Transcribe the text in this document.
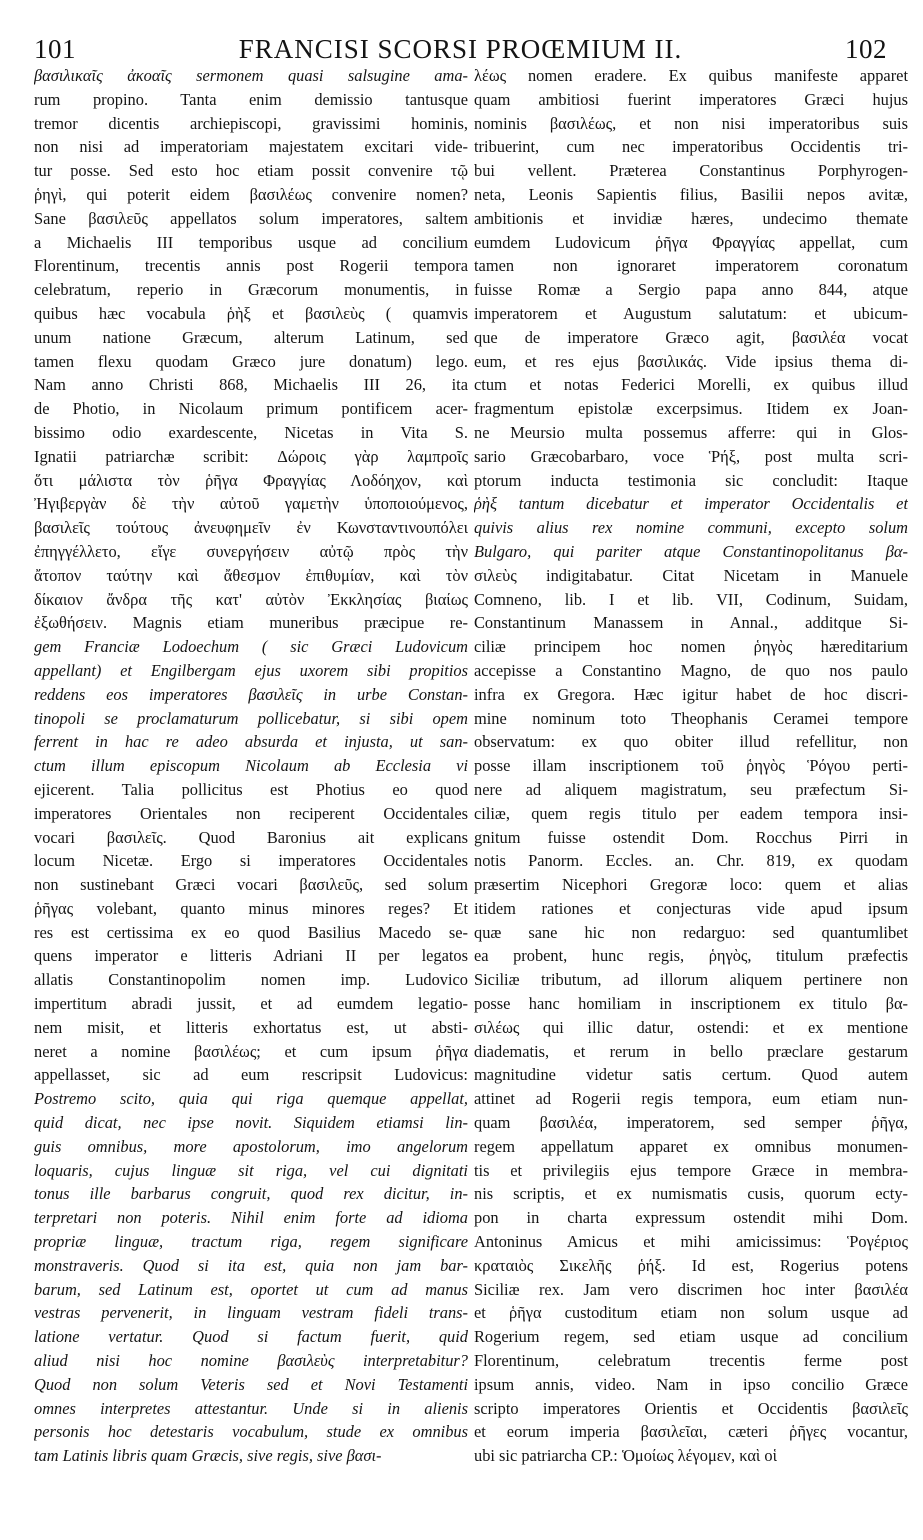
101	FRANCISI SCORSI PROŒMIUM II.	102
βασιλικαῖς ἀκοαῖς sermonem quasi salsugine ama-
rum propino. Tanta enim demissio tantusque
tremor dicentis archiepiscopi, gravissimi hominis,
non nisi ad imperatoriam majestatem excitari vide-
tur posse. Sed esto hoc etiam possit convenire τῷ
ῥηγὶ, qui poterit eidem βασιλέως convenire nomen?
Sane βασιλεῦς appellatos solum imperatores, saltem
a Michaelis III temporibus usque ad concilium
Florentinum, trecentis annis post Rogerii tempora
celebratum, reperio in Græcorum monumentis, in
quibus hæc vocabula ῥὴξ et βασιλεὺς ( quamvis
unum natione Græcum, alterum Latinum, sed
tamen flexu quodam Græco jure donatum) lego.
Nam anno Christi 868, Michaelis III 26, ita
de Photio, in Nicolaum primum pontificem acer-
bissimo odio exardescente, Nicetas in Vita S.
Ignatii patriarchæ scribit: Δώροις γὰρ λαμπροῖς
ὅτι μάλιστα τὸν ῥῆγα Φραγγίας Λοδόηχον, καὶ
Ἠγιβεργὰν δὲ τὴν αὐτοῦ γαμετὴν ὑποποιούμενος,
βασιλεῖς τούτους ἀνευφημεῖν ἐν Κωνσταντινουπόλει
ἐπηγγέλλετο, εἴγε συνεργήσειν αὐτῷ πρὸς τὴν
ἄτοπον ταύτην καὶ ἄθεσμον ἐπιθυμίαν, καὶ τὸν
δίκαιον ἄνδρα τῆς κατ' αὐτὸν Ἐκκλησίας βιαίως
ἐξωθήσειν. Magnis etiam muneribus præcipue re-
gem Franciæ Lodoechum ( sic Græci Ludovicum
appellant) et Engilbergam ejus uxorem sibi propitios
reddens eos imperatores βασιλεῖς in urbe Constan-
tinopoli se proclamaturum pollicebatur, si sibi opem
ferrent in hac re adeo absurda et injusta, ut san-
ctum illum episcopum Nicolaum ab Ecclesia vi
ejicerent. Talia pollicitus est Photius eo quod
imperatores Orientales non reciperent Occidentales
vocari βασιλεῖς. Quod Baronius ait explicans
locum Nicetæ. Ergo si imperatores Occidentales
non sustinebant Græci vocari βασιλεῦς, sed solum
ῥῆγας volebant, quanto minus minores reges? Et
res est certissima ex eo quod Basilius Macedo se-
quens imperator e litteris Adriani II per legatos
allatis Constantinopolim nomen imp. Ludovico
impertitum abradi jussit, et ad eumdem legatio-
nem misit, et litteris exhortatus est, ut absti-
neret a nomine βασιλέως; et cum ipsum ῥῆγα
appellasset, sic ad eum rescripsit Ludovicus:
Postremo scito, quia qui riga quemque appellat,
quid dicat, nec ipse novit. Siquidem etiamsi lin-
guis omnibus, more apostolorum, imo angelorum
loquaris, cujus linguæ sit riga, vel cui dignitati
tonus ille barbarus congruit, quod rex dicitur, in-
terpretari non poteris. Nihil enim forte ad idioma
propriæ linguæ, tractum riga, regem significare
monstraveris. Quod si ita est, quia non jam bar-
barum, sed Latinum est, oportet ut cum ad manus
vestras pervenerit, in linguam vestram fideli trans-
latione vertatur. Quod si factum fuerit, quid
aliud nisi hoc nomine βασιλεὺς interpretabitur?
Quod non solum Veteris sed et Novi Testamenti
omnes interpretes attestantur. Unde si in alienis
personis hoc detestaris vocabulum, stude ex omnibus
tam Latinis libris quam Græcis, sive regis, sive βασι-
λέως nomen eradere. Ex quibus manifeste apparet
quam ambitiosi fuerint imperatores Græci hujus
nominis βασιλέως, et non nisi imperatoribus suis
tribuerint, cum nec imperatoribus Occidentis tri-
bui vellent. Præterea Constantinus Porphyrogen-
neta, Leonis Sapientis filius, Basilii nepos avitæ,
ambitionis et invidiæ hæres, undecimo themate
eumdem Ludovicum ῥῆγα Φραγγίας appellat, cum
tamen non ignoraret imperatorem coronatum
fuisse Romæ a Sergio papa anno 844, atque
imperatorem et Augustum salutatum: et ubicum-
que de imperatore Græco agit, βασιλέα vocat
eum, et res ejus βασιλικάς. Vide ipsius thema di-
ctum et notas Federici Morelli, ex quibus illud
fragmentum epistolæ excerpsimus. Itidem ex Joan-
ne Meursio multa possemus afferre: qui in Glos-
sario Græcobarbaro, voce Ῥήξ, post multa scri-
ptorum inducta testimonia sic concludit: Itaque
ῥὴξ tantum dicebatur et imperator Occidentalis et
quivis alius rex nomine communi, excepto solum
Bulgaro, qui pariter atque Constantinopolitanus βα-
σιλεὺς indigitabatur. Citat Nicetam in Manuele
Comneno, lib. I et lib. VII, Codinum, Suidam,
Constantinum Manassem in Annal., additque Si-
ciliæ principem hoc nomen ῥηγὸς hæreditarium
accepisse a Constantino Magno, de quo nos paulo
infra ex Gregora. Hæc igitur habet de hoc discri-
mine nominum toto Theophanis Ceramei tempore
observatum: ex quo obiter illud refellitur, non
posse illam inscriptionem τοῦ ῥηγὸς Ῥόγου perti-
nere ad aliquem magistratum, seu præfectum Si-
ciliæ, quem regis titulo per eadem tempora insi-
gnitum fuisse ostendit Dom. Rocchus Pirri in
notis Panorm. Eccles. an. Chr. 819, ex quodam
præsertim Nicephori Gregoræ loco: quem et alias
itidem rationes et conjecturas vide apud ipsum
quæ sane hic non redarguo: sed quantumlibet
ea probent, hunc regis, ῥηγὸς, titulum præfectis
Siciliæ tributum, ad illorum aliquem pertinere non
posse hanc homiliam in inscriptionem ex titulo βα-
σιλέως qui illic datur, ostendi: et ex mentione
diadematis, et rerum in bello præclare gestarum
magnitudine videtur satis certum. Quod autem
attinet ad Rogerii regis tempora, eum etiam nun-
quam βασιλέα, imperatorem, sed semper ῥῆγα,
regem appellatum apparet ex omnibus monumen-
tis et privilegiis ejus tempore Græce in membra-
nis scriptis, et ex numismatis cusis, quorum ecty-
pon in charta expressum ostendit mihi Dom.
Antoninus Amicus et mihi amicissimus: Ῥογέριος
κραταιὸς Σικελῆς ῥήξ. Id est, Rogerius potens
Siciliæ rex. Jam vero discrimen hoc inter βασιλέα
et ῥῆγα custoditum etiam non solum usque ad
Rogerium regem, sed etiam usque ad concilium
Florentinum, celebratum trecentis ferme post
ipsum annis, video. Nam in ipso concilio Græce
scripto imperatores Orientis et Occidentis βασιλεῖς
et eorum imperia βασιλεῖαι, cæteri ῥῆγες vocantur,
ubi sic patriarcha CP.: Ὁμοίως λέγομεν, καὶ οἱ
